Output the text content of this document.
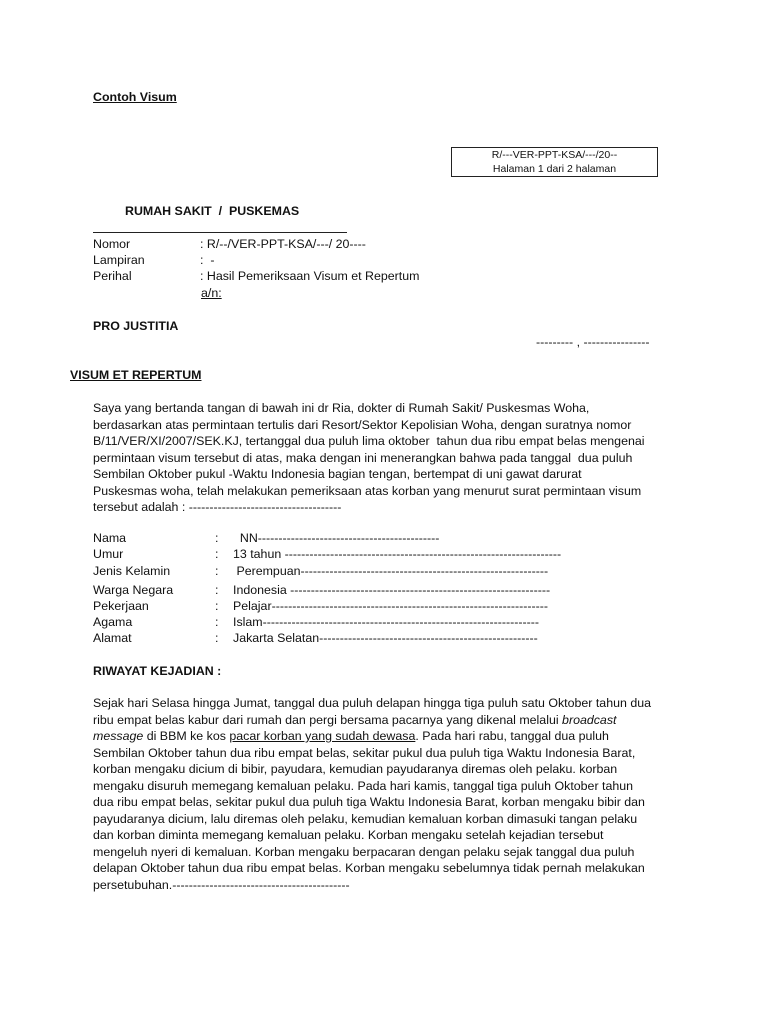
Contoh Visum
R/---VER-PPT-KSA/---/20--
Halaman 1 dari 2 halaman
RUMAH SAKIT  /  PUSKEMAS
Nomor	: R/--/VER-PPT-KSA/---/ 20----
Lampiran	:  -
Perihal	: Hasil Pemeriksaan Visum et Repertum
a/n:
PRO JUSTITIA
--------- , ----------------
VISUM ET REPERTUM
Saya yang bertanda tangan di bawah ini dr Ria, dokter di Rumah Sakit/ Puskesmas Woha,
berdasarkan atas permintaan tertulis dari Resort/Sektor Kepolisian Woha, dengan suratnya nomor
B/11/VER/XI/2007/SEK.KJ, tertanggal dua puluh lima oktober  tahun dua ribu empat belas mengenai
permintaan visum tersebut di atas, maka dengan ini menerangkan bahwa pada tanggal  dua puluh
Sembilan Oktober pukul -Waktu Indonesia bagian tengan, bertempat di uni gawat darurat
Puskesmas woha, telah melakukan pemeriksaan atas korban yang menurut surat permintaan visum
tersebut adalah : -------------------------------------
Nama	: NN--------------------------------------------
Umur	: 13 tahun -------------------------------------------------------------------
Jenis Kelamin	: Perempuan------------------------------------------------------------
Warga Negara	: Indonesia ---------------------------------------------------------------
Pekerjaan	: Pelajar-------------------------------------------------------------------
Agama	: Islam-------------------------------------------------------------------
Alamat	: Jakarta Selatan-----------------------------------------------------
RIWAYAT KEJADIAN :
Sejak hari Selasa hingga Jumat, tanggal dua puluh delapan hingga tiga puluh satu Oktober tahun dua
ribu empat belas kabur dari rumah dan pergi bersama pacarnya yang dikenal melalui broadcast
message di BBM ke kos pacar korban yang sudah dewasa. Pada hari rabu, tanggal dua puluh
Sembilan Oktober tahun dua ribu empat belas, sekitar pukul dua puluh tiga Waktu Indonesia Barat,
korban mengaku dicium di bibir, payudara, kemudian payudaranya diremas oleh pelaku. korban
mengaku disuruh memegang kemaluan pelaku. Pada hari kamis, tanggal tiga puluh Oktober tahun
dua ribu empat belas, sekitar pukul dua puluh tiga Waktu Indonesia Barat, korban mengaku bibir dan
payudaranya dicium, lalu diremas oleh pelaku, kemudian kemaluan korban dimasuki tangan pelaku
dan korban diminta memegang kemaluan pelaku. Korban mengaku setelah kejadian tersebut
mengeluh nyeri di kemaluan. Korban mengaku berpacaran dengan pelaku sejak tanggal dua puluh
delapan Oktober tahun dua ribu empat belas. Korban mengaku sebelumnya tidak pernah melakukan
persetubuhan.-------------------------------------------
